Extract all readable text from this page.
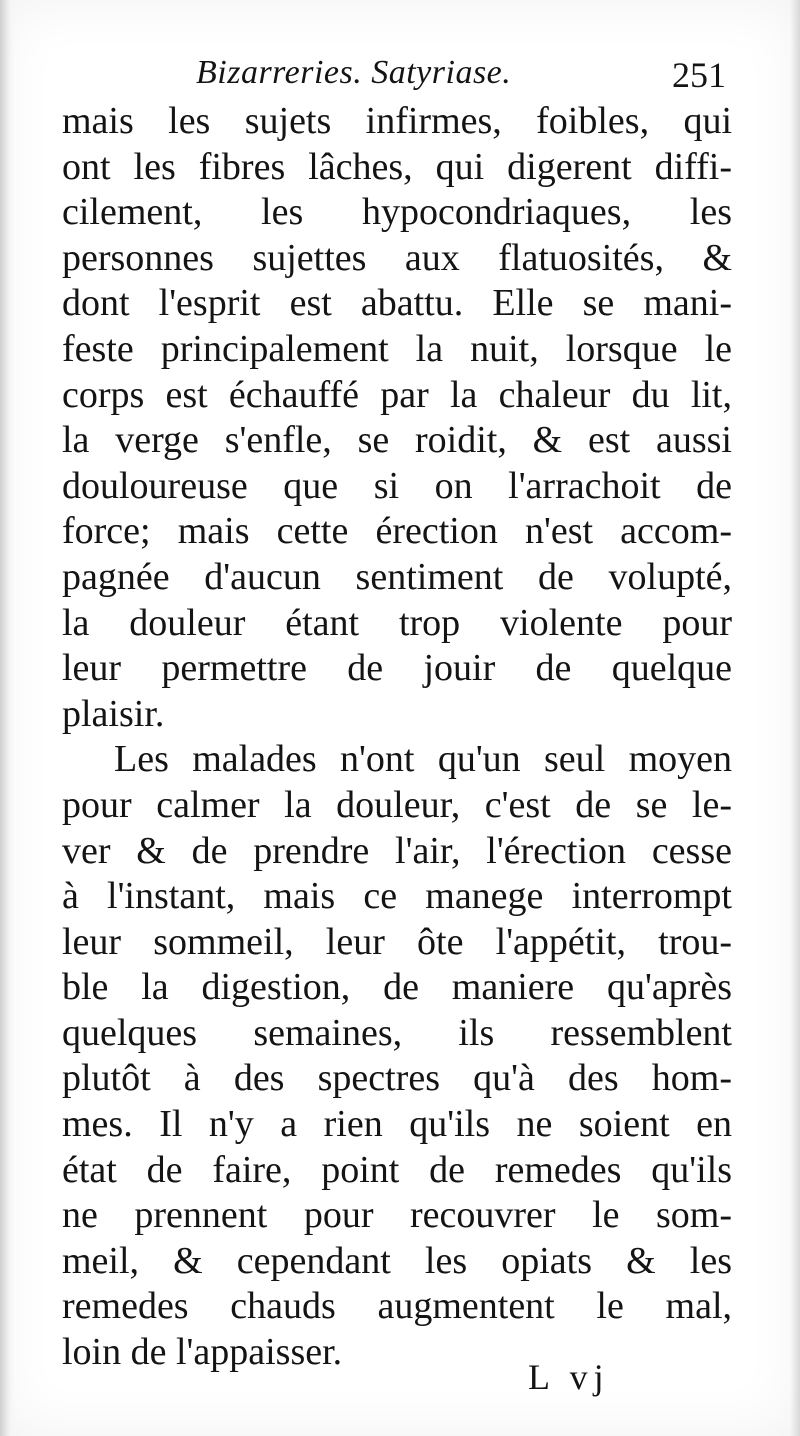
Bizarreries. Satyriase.	251
mais les sujets infirmes, foibles, qui
ont les fibres lâches, qui digerent diffi-
cilement, les hypocondriaques, les
personnes sujettes aux flatuosités, &
dont l'esprit est abattu. Elle se mani-
feste principalement la nuit, lorsque le
corps est échauffé par la chaleur du lit,
la verge s'enfle, se roidit, & est aussi
douloureuse que si on l'arrachoit de
force; mais cette érection n'est accom-
pagnée d'aucun sentiment de volupté,
la douleur étant trop violente pour
leur permettre de jouir de quelque
plaisir.
Les malades n'ont qu'un seul moyen
pour calmer la douleur, c'est de se le-
ver & de prendre l'air, l'érection cesse
à l'instant, mais ce manege interrompt
leur sommeil, leur ôte l'appétit, trou-
ble la digestion, de maniere qu'après
quelques semaines, ils ressemblent
plutôt à des spectres qu'à des hom-
mes. Il n'y a rien qu'ils ne soient en
état de faire, point de remedes qu'ils
ne prennent pour recouvrer le som-
meil, & cependant les opiats & les
remedes chauds augmentent le mal,
loin de l'appaisser.
L vj
